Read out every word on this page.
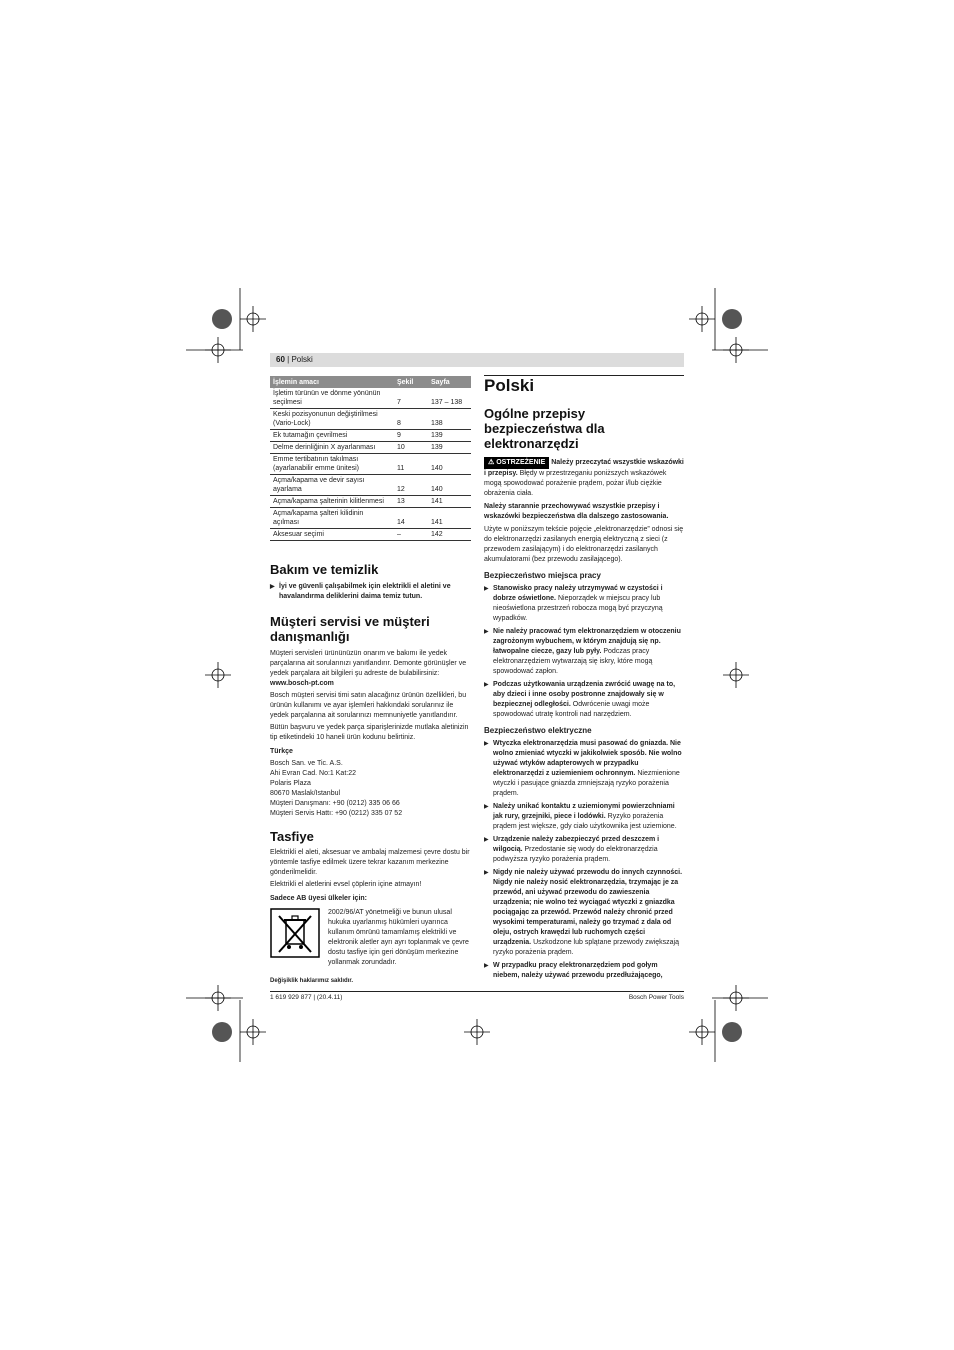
60 | Polski
İşlemin amacı	Şekil	Sayfa
İşletim türünün ve dönme yönünün seçilmesi	7	137 – 138
Keski pozisyonunun değiştirilmesi (Vario-Lock)	8	138
Ek tutamağın çevrilmesi	9	139
Delme derinliğinin X ayarlanması	10	139
Emme tertibatının takılması (ayarlanabilir emme ünitesi)	11	140
Açma/kapama ve devir sayısı ayarlama	12	140
Açma/kapama şalterinin kilitlenmesi	13	141
Açma/kapama şalteri kilidinin açılması	14	141
Aksesuar seçimi	–	142
Bakım ve temizlik
▶ İyi ve güvenli çalışabilmek için elektrikli el aletini ve havalandırma deliklerini daima temiz tutun.
Müşteri servisi ve müşteri danışmanlığı

Müşteri servisleri ürününüzün onarım ve bakımı ile yedek parçalarına ait sorularınızı yanıtlandırır. Demonte görünüşler ve yedek parçalara ait bilgileri şu adreste de bulabilirsiniz:

www.bosch-pt.com

Bosch müşteri servisi timi satın alacağınız ürünün özellikleri, bu ürünün kullanımı ve ayar işlemleri hakkındaki sorularınız ile yedek parçalarına ait sorularınızı memnuniyetle yanıtlandırır.

Bütün başvuru ve yedek parça siparişlerinizde mutlaka aletinizin tip etiketindeki 10 haneli ürün kodunu belirtiniz.

Türkçe

Bosch San. ve Tic. A.S.
Ahi Evran Cad. No:1 Kat:22
Polaris Plaza
80670 Maslak/Istanbul
Müşteri Danışmanı: +90 (0212) 335 06 66
Müşteri Servis Hattı: +90 (0212) 335 07 52
Tasfiye

Elektrikli el aleti, aksesuar ve ambalaj malzemesi çevre dostu bir yöntemle tasfiye edilmek üzere tekrar kazanım merkezine gönderilmelidir.

Elektrikli el aletlerini evsel çöplerin içine atmayın!

Sadece AB üyesi ülkeler için:

2002/96/AT yönetmeliği ve bunun ulusal hukuka uyarlanmış hükümleri uyarınca kullanım ömrünü tamamlamış elektrikli ve elektronik aletler ayrı ayrı toplanmak ve çevre dostu tasfiye için geri dönüşüm merkezine yollanmak zorundadır.

Değişiklik haklarımız saklıdır.

Polski
Ogólne przepisy bezpieczeństwa dla elektronarzędzi

⚠ OSTRZEŻENIE Należy przeczytać wszystkie wskazówki i przepisy. Błędy w przestrzeganiu poniższych wskazówek mogą spowodować porażenie prądem, pożar i/lub ciężkie obrażenia ciała.

Należy starannie przechowywać wszystkie przepisy i wskazówki bezpieczeństwa dla dalszego zastosowania.

Użyte w poniższym tekście pojęcie „elektronarzędzie” odnosi się do elektronarzędzi zasilanych energią elektryczną z sieci (z przewodem zasilającym) i do elektronarzędzi zasilanych akumulatorami (bez przewodu zasilającego).

Bezpieczeństwo miejsca pracy
▶ Stanowisko pracy należy utrzymywać w czystości i dobrze oświetlone. Nieporządek w miejscu pracy lub nieoświetlona przestrzeń robocza mogą być przyczyną wypadków.
▶ Nie należy pracować tym elektronarzędziem w otoczeniu zagrożonym wybuchem, w którym znajdują się np. łatwopalne ciecze, gazy lub pyły. Podczas pracy elektronarzędziem wytwarzają się iskry, które mogą spowodować zapłon.
▶ Podczas użytkowania urządzenia zwrócić uwagę na to, aby dzieci i inne osoby postronne znajdowały się w bezpiecznej odległości. Odwrócenie uwagi może spowodować utratę kontroli nad narzędziem.
Bezpieczeństwo elektryczne
▶ Wtyczka elektronarzędzia musi pasować do gniazda. Nie wolno zmieniać wtyczki w jakikolwiek sposób. Nie wolno używać wtyków adapterowych w przypadku elektronarzędzi z uziemieniem ochronnym. Niezmienione wtyczki i pasujące gniazda zmniejszają ryzyko porażenia prądem.
▶ Należy unikać kontaktu z uziemionymi powierzchniami jak rury, grzejniki, piece i lodówki. Ryzyko porażenia prądem jest większe, gdy ciało użytkownika jest uziemione.
▶ Urządzenie należy zabezpieczyć przed deszczem i wilgocią. Przedostanie się wody do elektronarzędzia podwyższa ryzyko porażenia prądem.
▶ Nigdy nie należy używać przewodu do innych czynności. Nigdy nie należy nosić elektronarzędzia, trzymając je za przewód, ani używać przewodu do zawieszenia urządzenia; nie wolno też wyciągać wtyczki z gniazdka pociągając za przewód. Przewód należy chronić przed wysokimi temperaturami, należy go trzymać z dala od oleju, ostrych krawędzi lub ruchomych części urządzenia. Uszkodzone lub splątane przewody zwiększają ryzyko porażenia prądem.
▶ W przypadku pracy elektronarzędziem pod gołym niebem, należy używać przewodu przedłużającego,
1 619 929 877 | (20.4.11)	Bosch Power Tools
